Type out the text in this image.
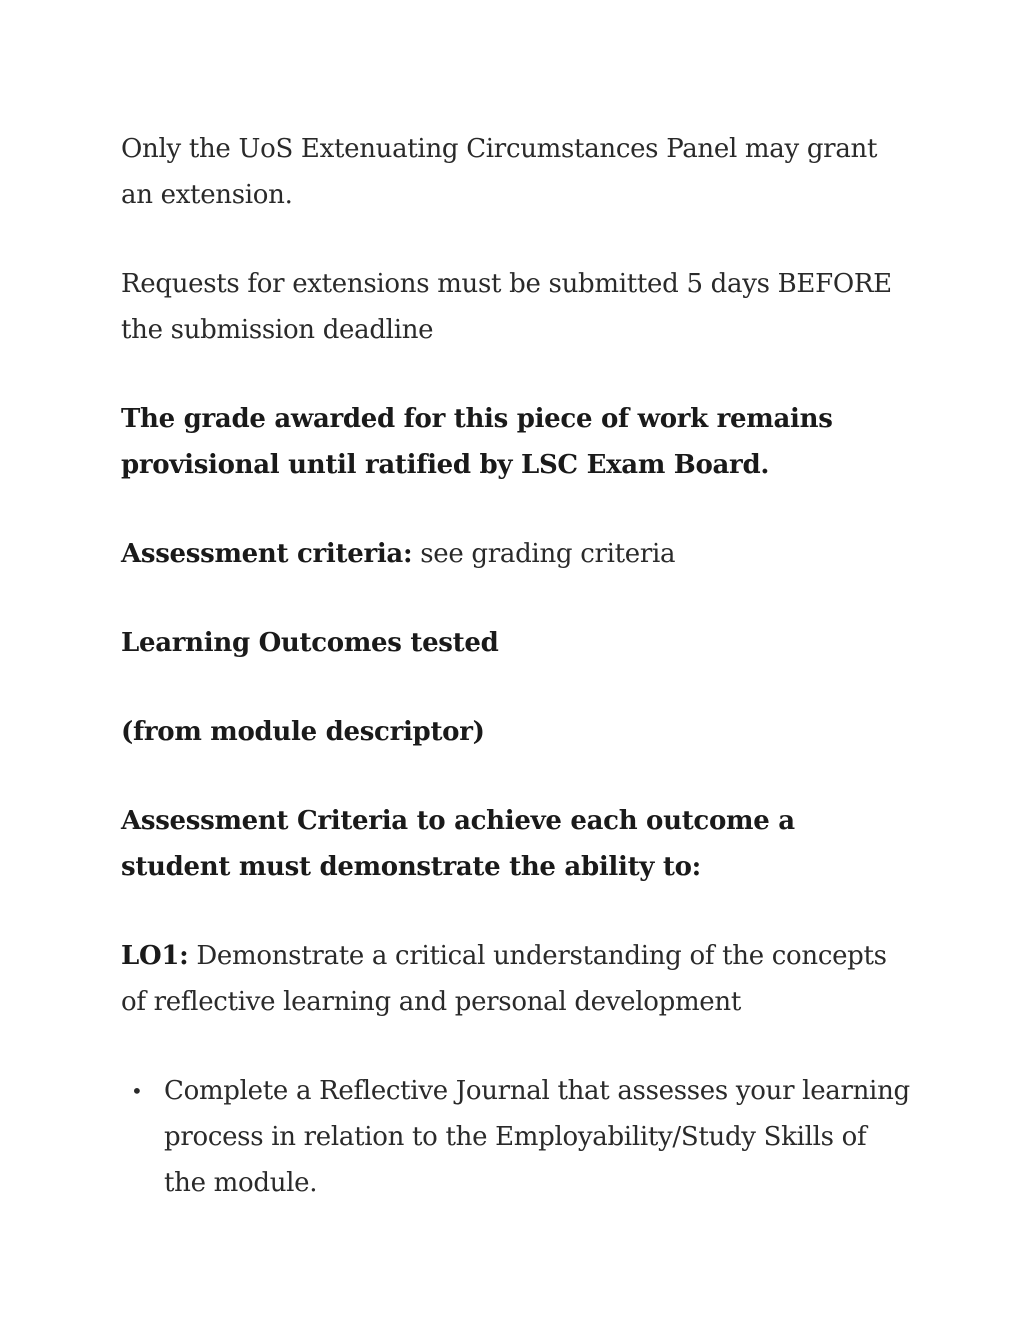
Only the UoS Extenuating Circumstances Panel may grant an extension.

Requests for extensions must be submitted 5 days BEFORE the submission deadline

The grade awarded for this piece of work remains provisional until ratified by LSC Exam Board.

Assessment criteria: see grading criteria

Learning Outcomes tested

(from module descriptor)

Assessment Criteria to achieve each outcome a student must demonstrate the ability to:

LO1: Demonstrate a critical understanding of the concepts of reflective learning and personal development

• Complete a Reflective Journal that assesses your learning process in relation to the Employability/Study Skills of the module.
